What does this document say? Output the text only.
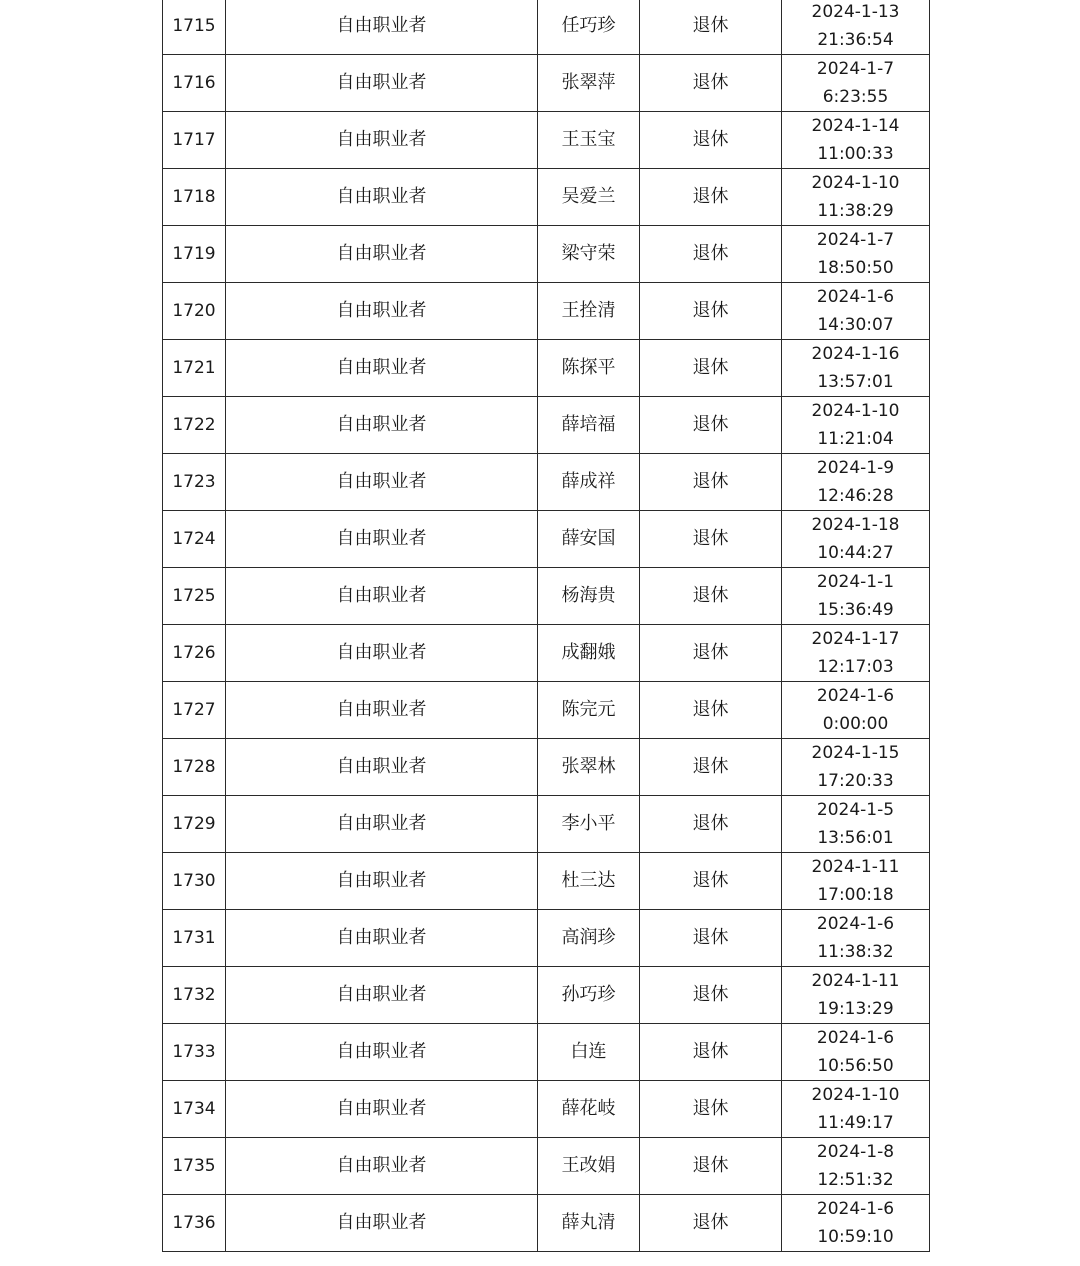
1715	自由职业者	任巧珍	退休	2024-1-13
21:36:54

1716	自由职业者	张翠萍	退休	2024-1-7
6:23:55

1717	自由职业者	王玉宝	退休	2024-1-14
11:00:33

1718	自由职业者	吴爱兰	退休	2024-1-10
11:38:29

1719	自由职业者	梁守荣	退休	2024-1-7
18:50:50

1720	自由职业者	王拴清	退休	2024-1-6
14:30:07

1721	自由职业者	陈探平	退休	2024-1-16
13:57:01

1722	自由职业者	薛培福	退休	2024-1-10
11:21:04

1723	自由职业者	薛成祥	退休	2024-1-9
12:46:28

1724	自由职业者	薛安国	退休	2024-1-18
10:44:27

1725	自由职业者	杨海贵	退休	2024-1-1
15:36:49

1726	自由职业者	成翻娥	退休	2024-1-17
12:17:03

1727	自由职业者	陈完元	退休	2024-1-6
0:00:00

1728	自由职业者	张翠林	退休	2024-1-15
17:20:33

1729	自由职业者	李小平	退休	2024-1-5
13:56:01

1730	自由职业者	杜三达	退休	2024-1-11
17:00:18

1731	自由职业者	高润珍	退休	2024-1-6
11:38:32

1732	自由职业者	孙巧珍	退休	2024-1-11
19:13:29

1733	自由职业者	白连	退休	2024-1-6
10:56:50

1734	自由职业者	薛花岐	退休	2024-1-10
11:49:17

1735	自由职业者	王改娟	退休	2024-1-8
12:51:32

1736	自由职业者	薛丸清	退休	2024-1-6
10:59:10
